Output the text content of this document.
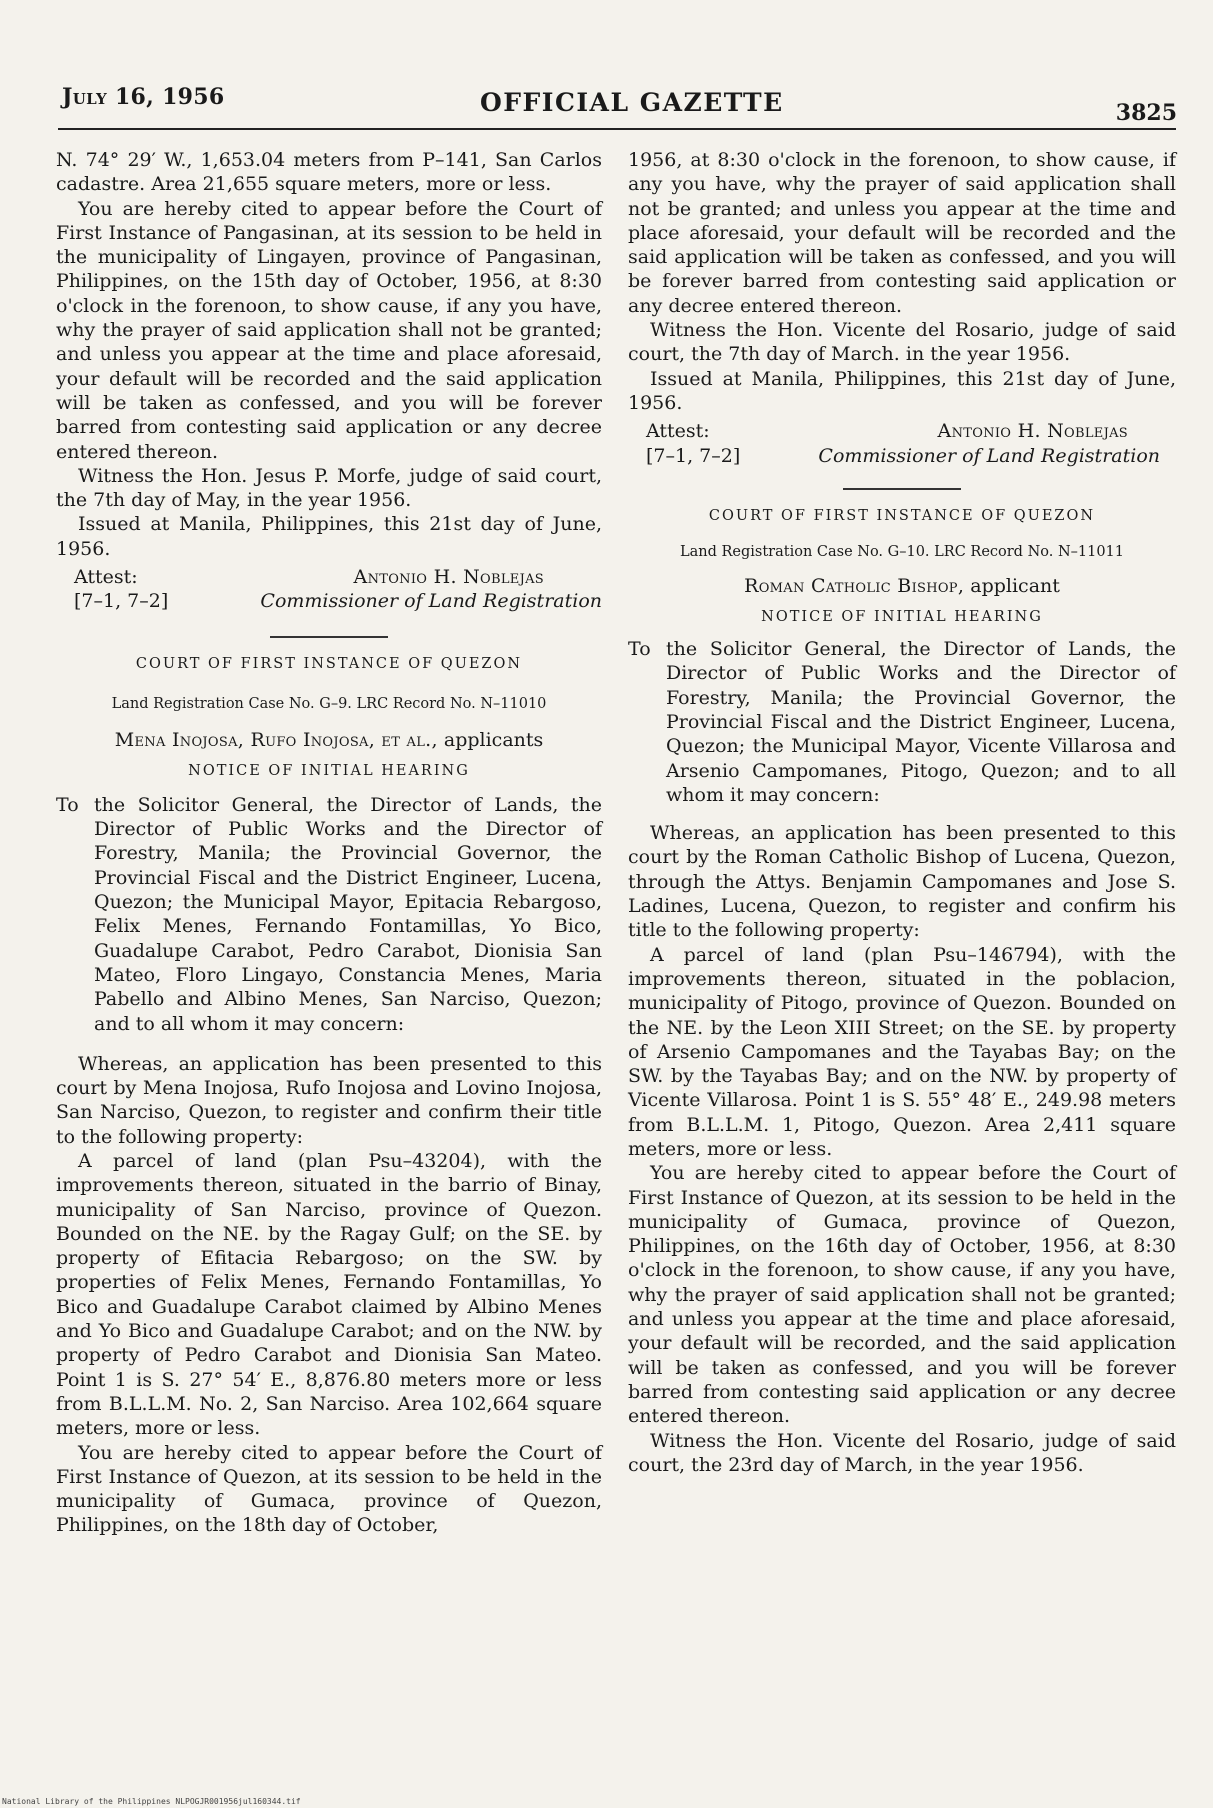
July 16, 1956	OFFICIAL GAZETTE	3825

N. 74° 29′ W., 1,653.04 meters from P–141, San Carlos cadastre. Area 21,655 square meters, more or less.

You are hereby cited to appear before the Court of First Instance of Pangasinan, at its session to be held in the municipality of Lingayen, province of Pangasinan, Philippines, on the 15th day of October, 1956, at 8:30 o'clock in the forenoon, to show cause, if any you have, why the prayer of said application shall not be granted; and unless you appear at the time and place aforesaid, your default will be recorded and the said application will be taken as confessed, and you will be forever barred from contesting said application or any decree entered thereon.

Witness the Hon. Jesus P. Morfe, judge of said court, the 7th day of May, in the year 1956.

Issued at Manila, Philippines, this 21st day of June, 1956.

Attest:	Antonio H. Noblejas
[7–1, 7–2]	Commissioner of Land Registration

COURT OF FIRST INSTANCE OF QUEZON

Land Registration Case No. G–9. LRC Record No. N–11010

Mena Inojosa, Rufo Inojosa, et al., applicants

NOTICE OF INITIAL HEARING

To the Solicitor General, the Director of Lands, the Director of Public Works and the Director of Forestry, Manila; the Provincial Governor, the Provincial Fiscal and the District Engineer, Lucena, Quezon; the Municipal Mayor, Epitacia Rebargoso, Felix Menes, Fernando Fontamillas, Yo Bico, Guadalupe Carabot, Pedro Carabot, Dionisia San Mateo, Floro Lingayo, Constancia Menes, Maria Pabello and Albino Menes, San Narciso, Quezon; and to all whom it may concern:

Whereas, an application has been presented to this court by Mena Inojosa, Rufo Inojosa and Lovino Inojosa, San Narciso, Quezon, to register and confirm their title to the following property:

A parcel of land (plan Psu–43204), with the improvements thereon, situated in the barrio of Binay, municipality of San Narciso, province of Quezon. Bounded on the NE. by the Ragay Gulf; on the SE. by property of Efitacia Rebargoso; on the SW. by properties of Felix Menes, Fernando Fontamillas, Yo Bico and Guadalupe Carabot claimed by Albino Menes and Yo Bico and Guadalupe Carabot; and on the NW. by property of Pedro Carabot and Dionisia San Mateo. Point 1 is S. 27° 54′ E., 8,876.80 meters more or less from B.L.L.M. No. 2, San Narciso. Area 102,664 square meters, more or less.

You are hereby cited to appear before the Court of First Instance of Quezon, at its session to be held in the municipality of Gumaca, province of Quezon, Philippines, on the 18th day of October,

1956, at 8:30 o'clock in the forenoon, to show cause, if any you have, why the prayer of said application shall not be granted; and unless you appear at the time and place aforesaid, your default will be recorded and the said application will be taken as confessed, and you will be forever barred from contesting said application or any decree entered thereon.

Witness the Hon. Vicente del Rosario, judge of said court, the 7th day of March. in the year 1956.

Issued at Manila, Philippines, this 21st day of June, 1956.

Attest:	Antonio H. Noblejas
[7–1, 7–2]	Commissioner of Land Registration

COURT OF FIRST INSTANCE OF QUEZON

Land Registration Case No. G–10. LRC Record No. N–11011

Roman Catholic Bishop, applicant

NOTICE OF INITIAL HEARING

To the Solicitor General, the Director of Lands, the Director of Public Works and the Director of Forestry, Manila; the Provincial Governor, the Provincial Fiscal and the District Engineer, Lucena, Quezon; the Municipal Mayor, Vicente Villarosa and Arsenio Campomanes, Pitogo, Quezon; and to all whom it may concern:

Whereas, an application has been presented to this court by the Roman Catholic Bishop of Lucena, Quezon, through the Attys. Benjamin Campomanes and Jose S. Ladines, Lucena, Quezon, to register and confirm his title to the following property:

A parcel of land (plan Psu–146794), with the improvements thereon, situated in the poblacion, municipality of Pitogo, province of Quezon. Bounded on the NE. by the Leon XIII Street; on the SE. by property of Arsenio Campomanes and the Tayabas Bay; on the SW. by the Tayabas Bay; and on the NW. by property of Vicente Villarosa. Point 1 is S. 55° 48′ E., 249.98 meters from B.L.L.M. 1, Pitogo, Quezon. Area 2,411 square meters, more or less.

You are hereby cited to appear before the Court of First Instance of Quezon, at its session to be held in the municipality of Gumaca, province of Quezon, Philippines, on the 16th day of October, 1956, at 8:30 o'clock in the forenoon, to show cause, if any you have, why the prayer of said application shall not be granted; and unless you appear at the time and place aforesaid, your default will be recorded, and the said application will be taken as confessed, and you will be forever barred from contesting said application or any decree entered thereon.

Witness the Hon. Vicente del Rosario, judge of said court, the 23rd day of March, in the year 1956.

National Library of the Philippines NLPOGJR001956jul160344.tif
